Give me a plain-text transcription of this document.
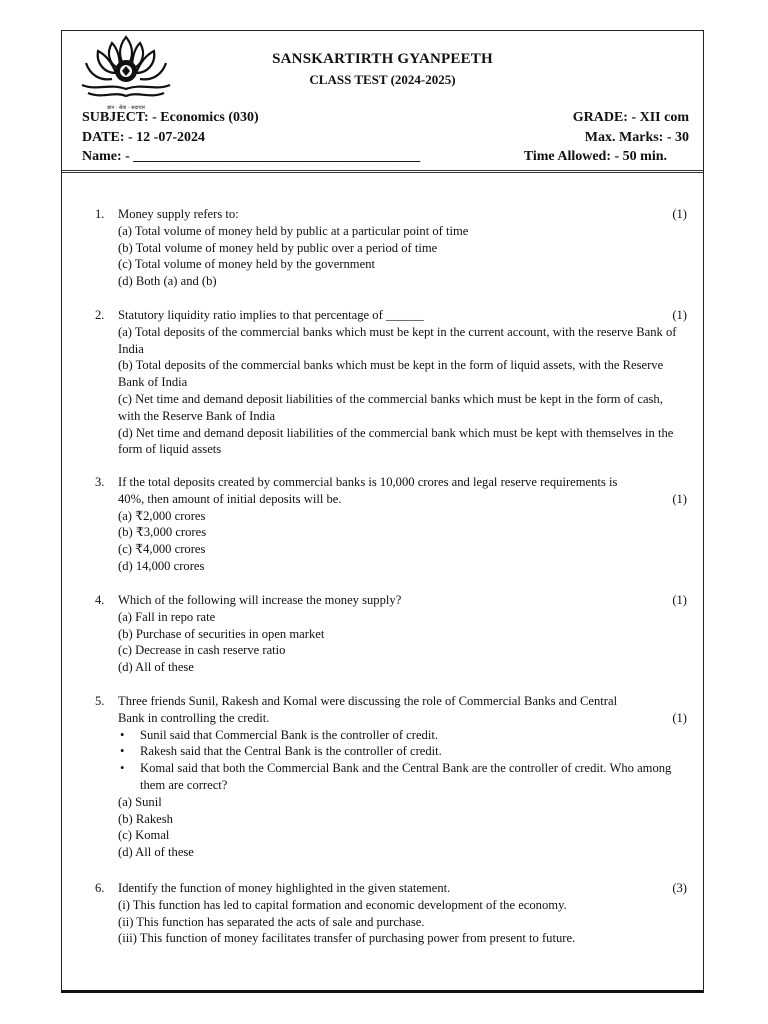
ज्ञान · सेवा · सदाचार
SANSKARTIRTH GYANPEETH
CLASS TEST (2024-2025)
SUBJECT: - Economics (030)
DATE: - 12 -07-2024
Name: - _________________________________________
GRADE: - XII com
Max. Marks: - 30
Time Allowed: - 50 min.
1.	(1)
Money supply refers to:
(a) Total volume of money held by public at a particular point of time
(b) Total volume of money held by public over a period of time
(c) Total volume of money held by the government
(d) Both (a) and (b)
2.	(1)
Statutory liquidity ratio implies to that percentage of ______
(a) Total deposits of the commercial banks which must be kept in the current account, with the reserve Bank of India
(b) Total deposits of the commercial banks which must be kept in the form of liquid assets, with the Reserve Bank of India
(c) Net time and demand deposit liabilities of the commercial banks which must be kept in the form of cash, with the Reserve Bank of India
(d) Net time and demand deposit liabilities of the commercial bank which must be kept with themselves in the form of liquid assets
3.
(1)
If the total deposits created by commercial banks is 10,000 crores and legal reserve requirements is
40%, then amount of initial deposits will be.
(a) ₹2,000 crores
(b) ₹3,000 crores
(c) ₹4,000 crores
(d) 14,000 crores
4.	(1)
Which of the following will increase the money supply?
(a) Fall in repo rate
(b) Purchase of securities in open market
(c) Decrease in cash reserve ratio
(d) All of these
5.
(1)
Three friends Sunil, Rakesh and Komal were discussing the role of Commercial Banks and Central
Bank in controlling the credit.
• Sunil said that Commercial Bank is the controller of credit.
• Rakesh said that the Central Bank is the controller of credit.
• Komal said that both the Commercial Bank and the Central Bank are the controller of credit. Who among them are correct?
(a) Sunil
(b) Rakesh
(c) Komal
(d) All of these
6.	(3)
Identify the function of money highlighted in the given statement.
(i) This function has led to capital formation and economic development of the economy.
(ii) This function has separated the acts of sale and purchase.
(iii) This function of money facilitates transfer of purchasing power from present to future.
